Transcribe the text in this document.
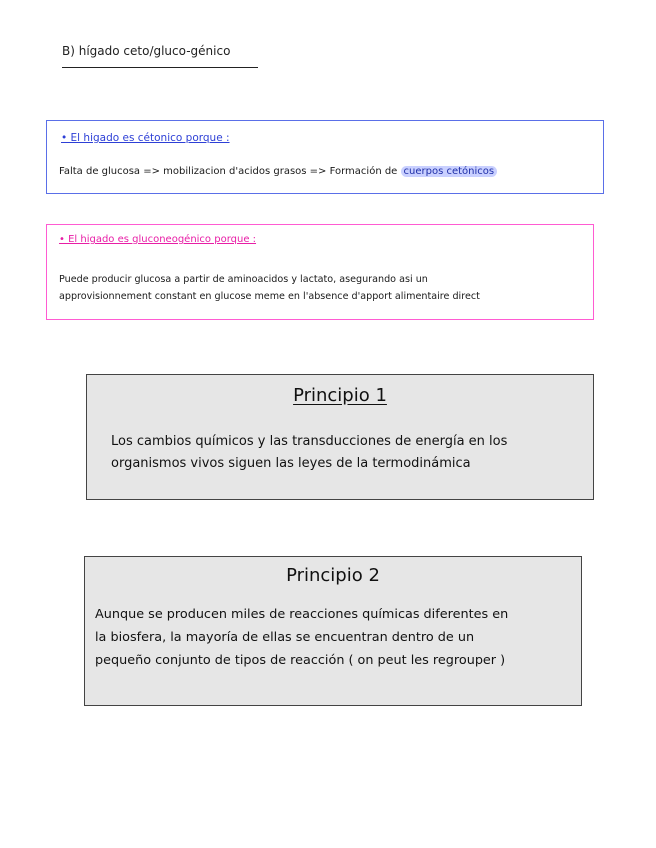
B) hígado ceto/gluco-génico
• El higado es cétonico porque :
Falta de glucosa => mobilizacion d'acidos grasos => Formación de cuerpos cetónicos
• El higado es gluconeogénico porque :
Puede producir glucosa a partir de aminoacidos y lactato, asegurando asi un
approvisionnement constant en glucose meme en l'absence d'apport alimentaire direct
Principio 1
Los cambios químicos y las transducciones de energía en los
organismos vivos siguen las leyes de la termodinámica
Principio 2
Aunque se producen miles de reacciones químicas diferentes en
la biosfera, la mayoría de ellas se encuentran dentro de un
pequeño conjunto de tipos de reacción ( on peut les regrouper )
